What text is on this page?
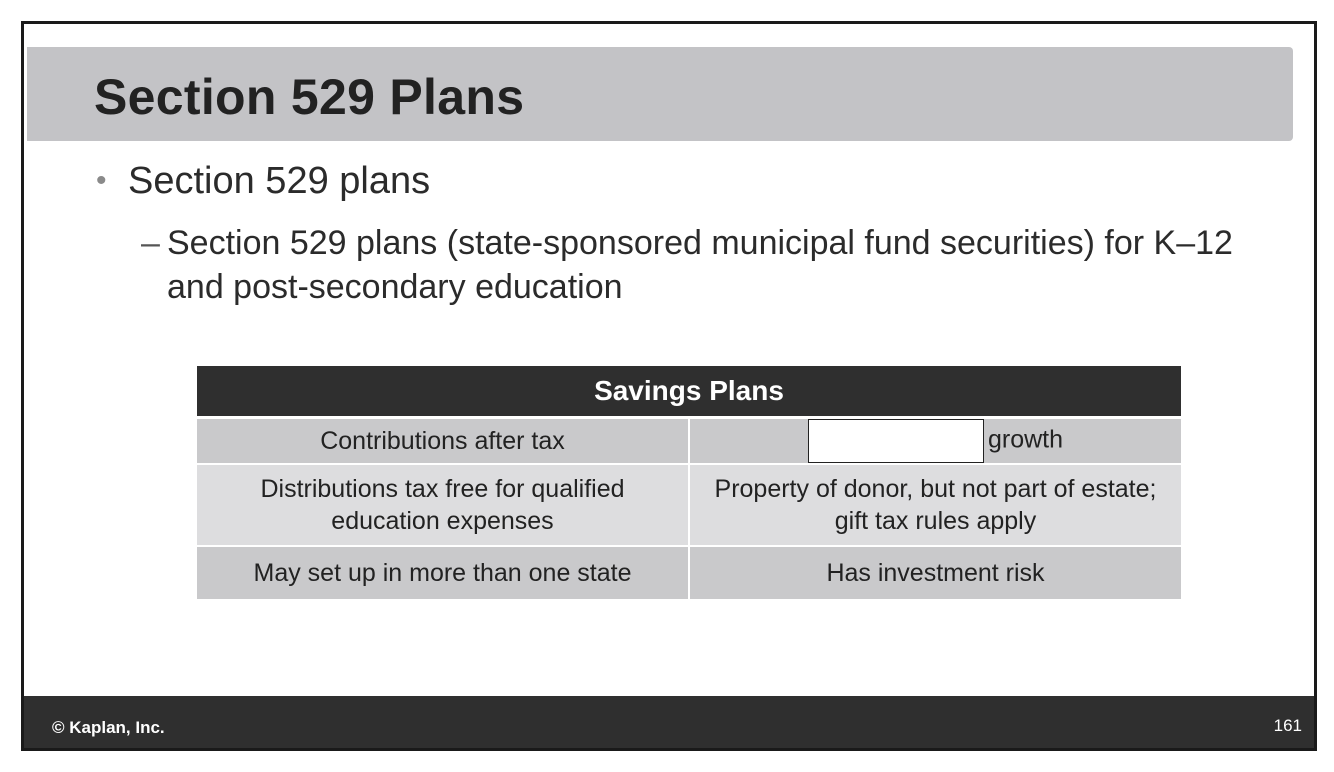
Section 529 Plans
• Section 529 plans
– Section 529 plans (state-sponsored municipal fund securities) for K–12 and post-secondary education
Savings Plans	
Contributions after tax	growth
Distributions tax free for qualified education expenses	Property of donor, but not part of estate; gift tax rules apply
May set up in more than one state	Has investment risk
© Kaplan, Inc.	161
